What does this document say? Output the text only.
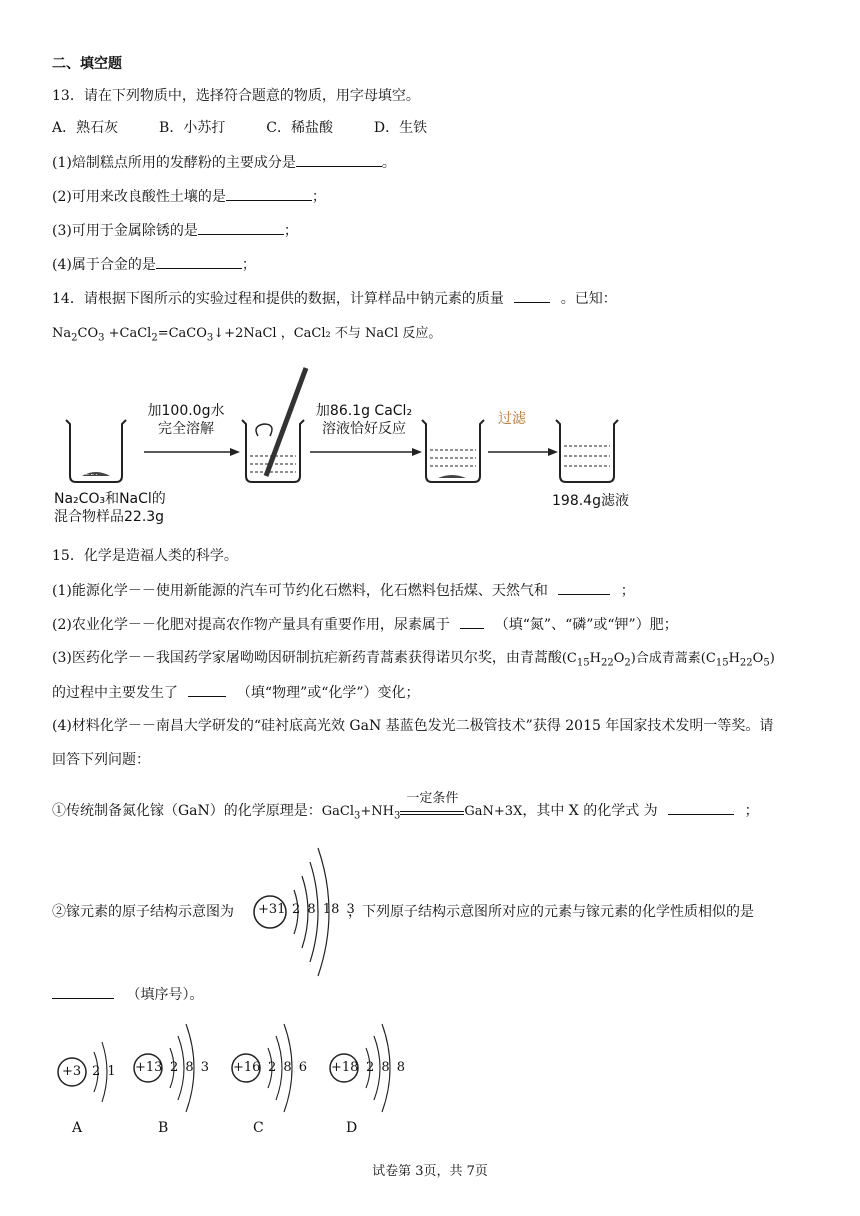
二、填空题
13．请在下列物质中，选择符合题意的物质，用字母填空。
A．熟石灰	B．小苏打	C．稀盐酸	D．生铁
(1)焙制糕点所用的发酵粉的主要成分是	。
(2)可用来改良酸性土壤的是	；
(3)可用于金属除锈的是	；
(4)属于合金的是	；
14．请根据下图所示的实验过程和提供的数据，计算样品中钠元素的质量	。已知：
$Na_2CO_3$ +CaCl$_2$=CaCO$_3$↓+2NaCl ，CaCl₂ 不与 NaCl 反应。
∴∴∴
加100.0g水
完全溶解
加86.1g CaCl₂
溶液恰好反应
过滤
Na₂CO₃和NaCl的
混合物样品22.3g
198.4g滤液
15．化学是造福人类的科学。
(1)能源化学－－使用新能源的汽车可节约化石燃料，化石燃料包括煤、天然气和	；
(2)农业化学－－化肥对提高农作物产量具有重要作用，尿素属于	（填“氮”、“磷”或“钾”）肥；
(3)医药化学－－我国药学家屠呦呦因研制抗疟新药青蒿素获得诺贝尔奖，由青蒿酸$(C_{15}H_{22}O_2)$合成青蒿素$(C_{15}H_{22}O_5)$
的过程中主要发生了	（填“物理”或“化学”）变化；
(4)材料化学－－南昌大学研发的“硅衬底高光效 GaN 基蓝色发光二极管技术”获得 2015 年国家技术发明一等奖。请
回答下列问题：
①传统制备氮化镓（GaN）的化学原理是：$GaCl_3+NH_3$
一定条件
GaN+3X，其中 X 的化学式 为	；
②镓元素的原子结构示意图为 +31 2 8 18 3
，下列原子结构示意图所对应的元素与镓元素的化学性质相似的是
（填序号）。
+3 2 1
A
+13 2 8 3
B
+16 2 8 6
C
+18 2 8 8
D
试卷第 3页，共 7页
